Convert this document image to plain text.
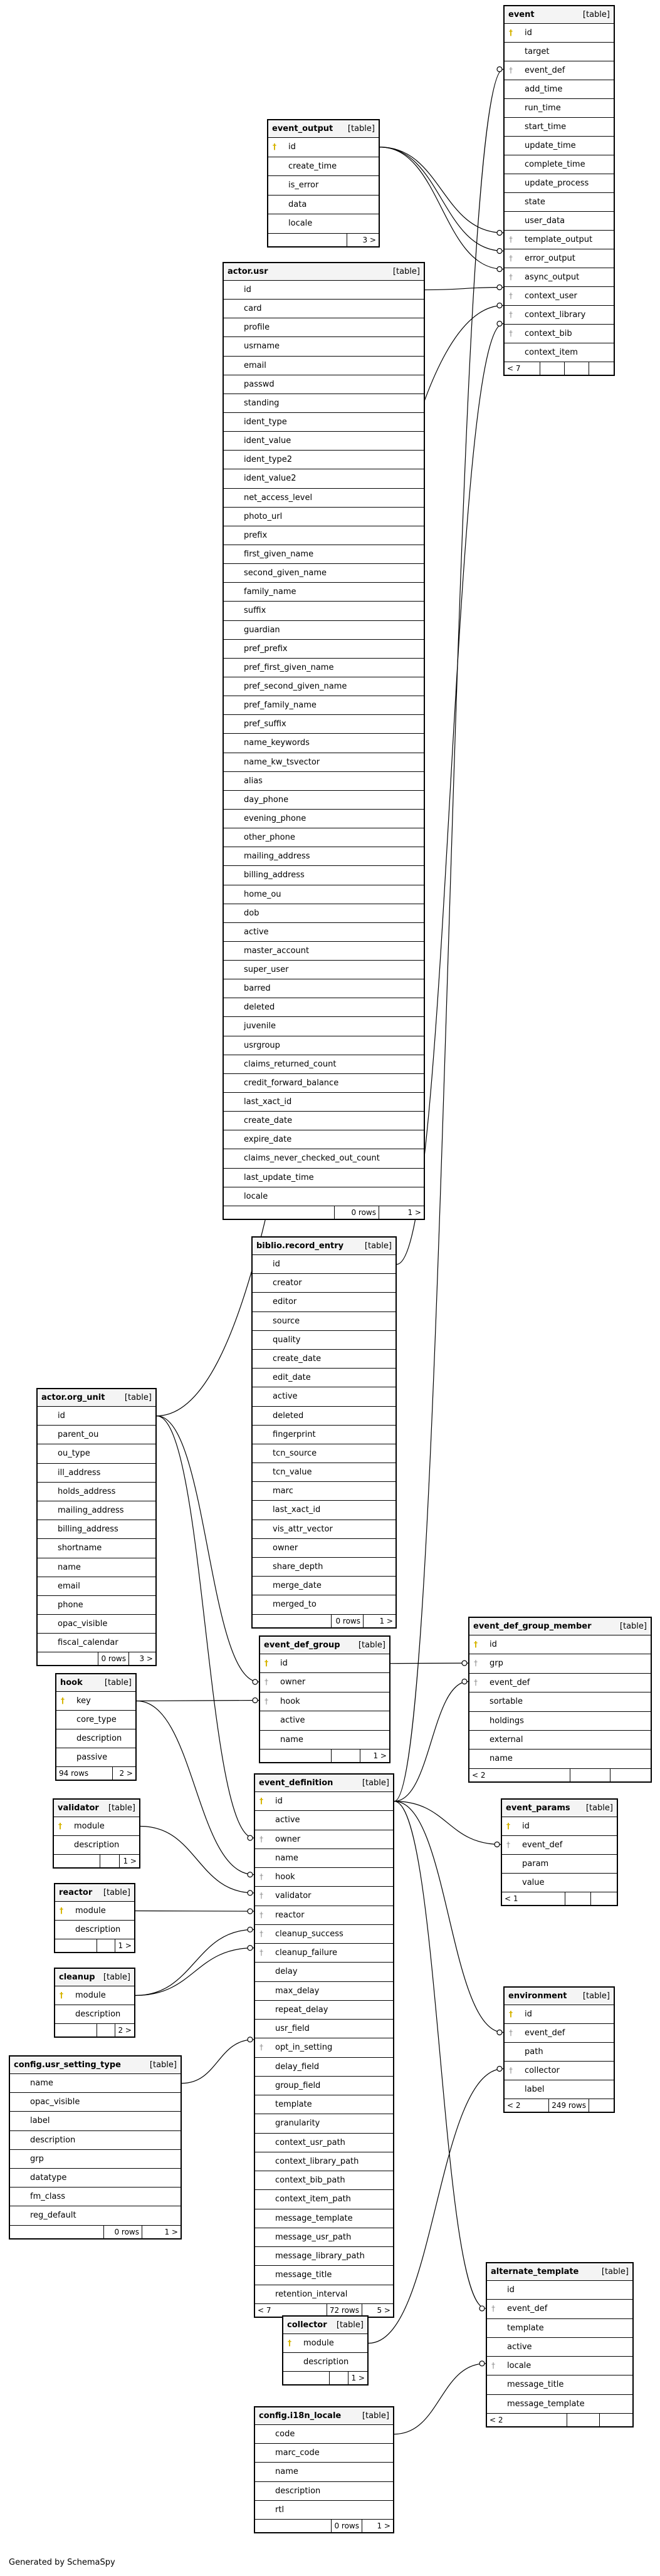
Generated by SchemaSpy
event	[table]
†	id
target
†	event_def
add_time
run_time
start_time
update_time
complete_time
update_process
state
user_data
†	template_output
†	error_output
†	async_output
†	context_user
†	context_library
†	context_bib
context_item
< 7
event_output [table]
†	id
create_time
is_error
data
locale
3 >
actor.usr	[table]
id
card
profile
usrname
email
passwd
standing
ident_type
ident_value
ident_type2
ident_value2
net_access_level
photo_url
prefix
first_given_name
second_given_name
family_name
suffix
guardian
pref_prefix
pref_first_given_name
pref_second_given_name
pref_family_name
pref_suffix
name_keywords
name_kw_tsvector
alias
day_phone
evening_phone
other_phone
mailing_address
billing_address
home_ou
dob
active
master_account
super_user
barred
deleted
juvenile
usrgroup
claims_returned_count
credit_forward_balance
last_xact_id
create_date
expire_date
claims_never_checked_out_count
last_update_time
locale
0 rows	1 >
biblio.record_entry	[table]
id
creator
editor
source
quality
create_date
edit_date
active
deleted
fingerprint
tcn_source
tcn_value
marc
last_xact_id
vis_attr_vector
owner
share_depth
merge_date
merged_to
0 rows	1 >
actor.org_unit [table]
id
parent_ou
ou_type
ill_address
holds_address
mailing_address
billing_address
shortname
name
email
phone
opac_visible
fiscal_calendar
0 rows	3 >
event_def_group [table]
†	id
†	owner
†	hook
active
name
1 >
event_def_group_member	[table]
†	id
†	grp
†	event_def
sortable
holdings
external
name
< 2
hook	[table]
†	key
core_type
description
passive
94 rows	2 >
validator [table]
†	module
description
1 >
reactor [table]
†	module
description
1 >
cleanup [table]
†	module
description
2 >
config.usr_setting_type	[table]
name
opac_visible
label
description
grp
datatype
fm_class
reg_default
0 rows	1 >
event_definition	[table]
†	id
active
†	owner
name
†	hook
†	validator
†	reactor
†	cleanup_success
†	cleanup_failure
delay
max_delay
repeat_delay
usr_field
†	opt_in_setting
delay_field
group_field
template
granularity
context_usr_path
context_library_path
context_bib_path
context_item_path
message_template
message_usr_path
message_library_path
message_title
retention_interval
< 7	72 rows	5 >
event_params [table]
†	id
†	event_def
param
value
< 1
environment [table]
†	id
†	event_def
path
†	collector
label
< 2	249 rows
alternate_template	[table]
id
†	event_def
template
active
†	locale
message_title
message_template
< 2
collector [table]
†	module
description
1 >
config.i18n_locale	[table]
code
marc_code
name
description
rtl
0 rows	1 >
